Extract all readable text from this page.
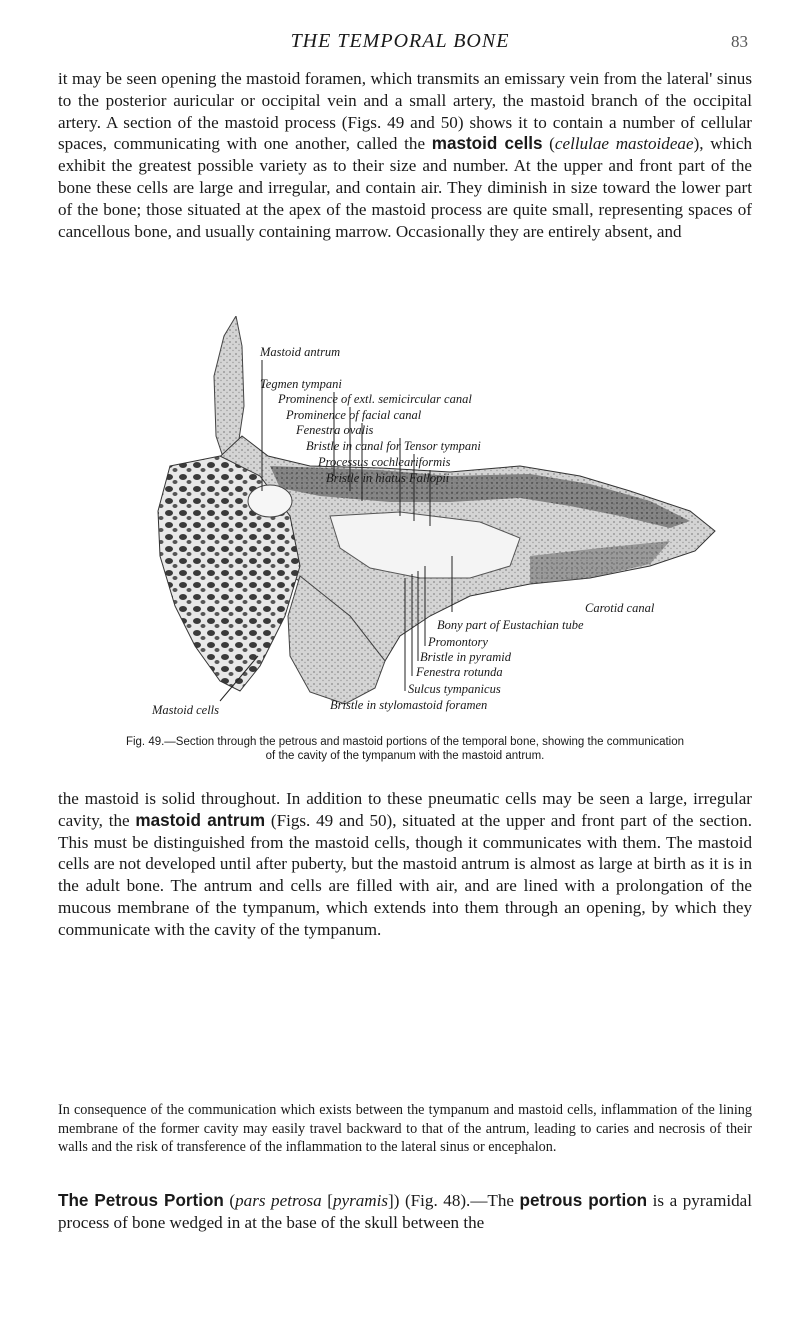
THE TEMPORAL BONE	83

it may be seen opening the mastoid foramen, which transmits an emissary vein from the lateral' sinus to the posterior auricular or occipital vein and a small artery, the mastoid branch of the occipital artery. A section of the mastoid process (Figs. 49 and 50) shows it to contain a number of cellular spaces, communicating with one another, called the mastoid cells (cellulae mastoideae), which exhibit the greatest possible variety as to their size and number. At the upper and front part of the bone these cells are large and irregular, and contain air. They diminish in size toward the lower part of the bone; those situated at the apex of the mastoid process are quite small, representing spaces of cancellous bone, and usually containing marrow. Occasionally they are entirely absent, and

Mastoid antrum
Tegmen tympani
Prominence of extl. semicircular canal
Prominence of facial canal
Fenestra ovalis
Bristle in canal for Tensor tympani
Processus cochleariformis
Bristle in hiatus Fallopii
Carotid canal
Bony part of Eustachian tube
Promontory
Bristle in pyramid
Fenestra rotunda
Sulcus tympanicus
Bristle in stylomastoid foramen
Mastoid cells
Fig. 49.—Section through the petrous and mastoid portions of the temporal bone, showing the communication
of the cavity of the tympanum with the mastoid antrum.

the mastoid is solid throughout. In addition to these pneumatic cells may be seen a large, irregular cavity, the mastoid antrum (Figs. 49 and 50), situated at the upper and front part of the section. This must be distinguished from the mastoid cells, though it communicates with them. The mastoid cells are not developed until after puberty, but the mastoid antrum is almost as large at birth as it is in the adult bone. The antrum and cells are filled with air, and are lined with a prolongation of the mucous membrane of the tympanum, which extends into them through an opening, by which they communicate with the cavity of the tympanum.

In consequence of the communication which exists between the tympanum and mastoid cells, inflammation of the lining membrane of the former cavity may easily travel backward to that of the antrum, leading to caries and necrosis of their walls and the risk of transference of the inflammation to the lateral sinus or encephalon.

The Petrous Portion (pars petrosa [pyramis]) (Fig. 48).—The petrous portion is a pyramidal process of bone wedged in at the base of the skull between the
